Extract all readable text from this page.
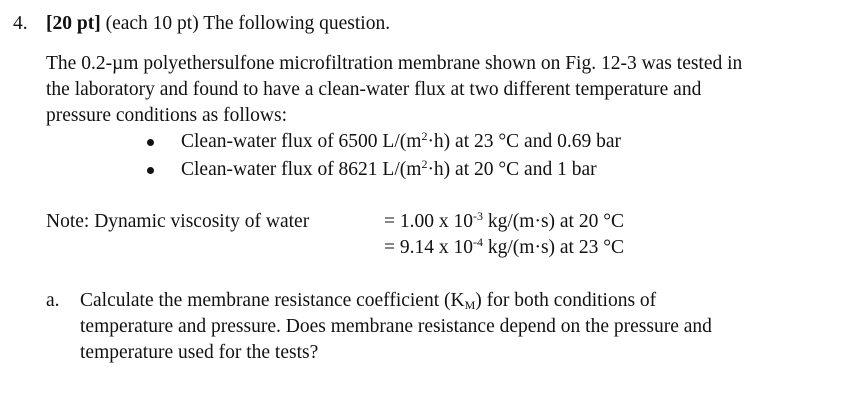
4. [20 pt] (each 10 pt) The following question.
The 0.2-µm polyethersulfone microfiltration membrane shown on Fig. 12-3 was tested in
the laboratory and found to have a clean-water flux at two different temperature and
pressure conditions as follows:
Clean-water flux of 6500 $L/(m^2\cdot h)$ at 23 °C and 0.69 bar
Clean-water flux of 8621 $L/(m^2\cdot h)$ at 20 °C and 1 bar
Note: Dynamic viscosity of water	= 1.00 x $10^{-3}$ kg/(m·s) at 20 °C
= 9.14 x $10^{-4}$ kg/(m·s) at 23 °C
a. Calculate the membrane resistance coefficient $(K_M)$ for both conditions of
temperature and pressure. Does membrane resistance depend on the pressure and
temperature used for the tests?
